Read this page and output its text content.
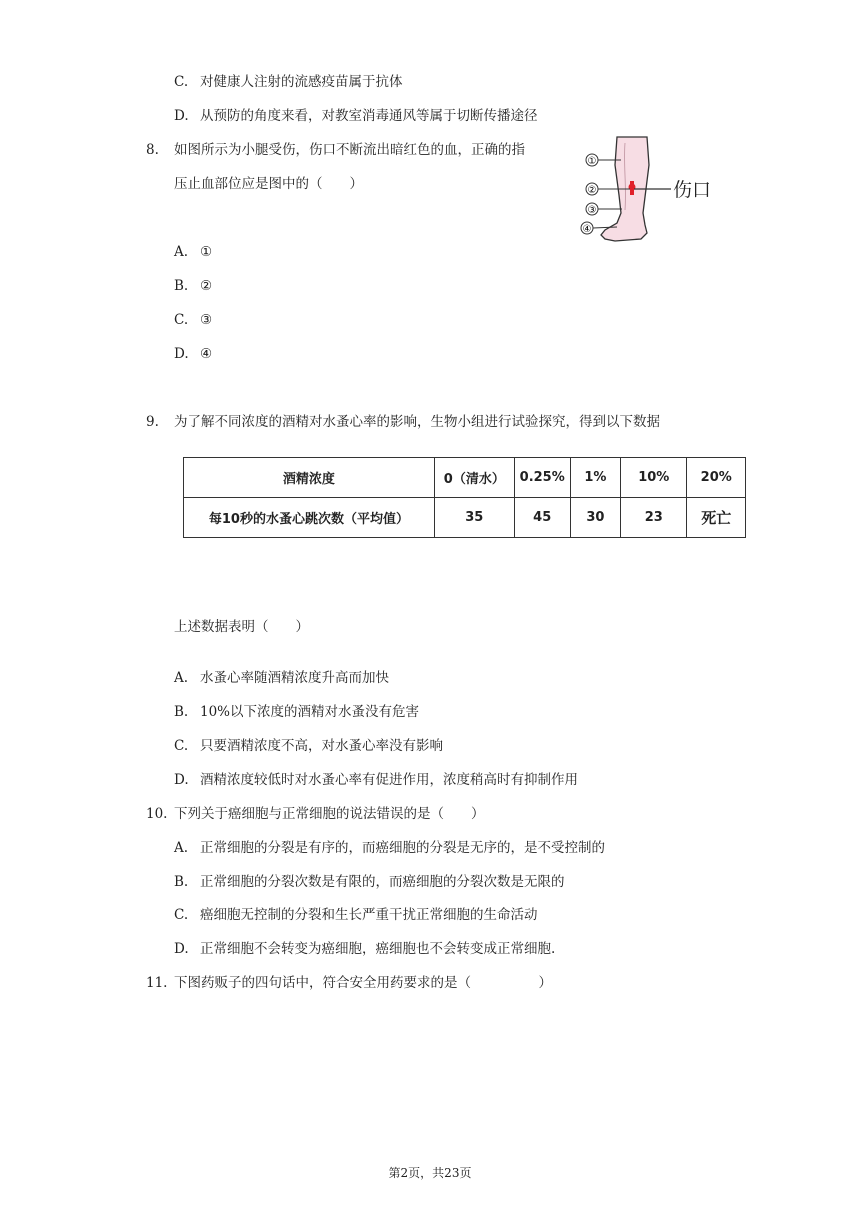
C. 对健康人注射的流感疫苗属于抗体
D. 从预防的角度来看，对教室消毒通风等属于切断传播途径
8. 如图所示为小腿受伤，伤口不断流出暗红色的血，正确的指
压止血部位应是图中的（　　）
①
②
③
④
伤口
A. ①
B. ②
C. ③
D. ④
9. 为了解不同浓度的酒精对水蚤心率的影响，生物小组进行试验探究，得到以下数据
酒精浓度	0（清水）	0.25%	1%	10%	20%
每10秒的水蚤心跳次数（平均值）	35	45	30	23	死亡
上述数据表明（　　）
A. 水蚤心率随酒精浓度升高而加快
B. 10%以下浓度的酒精对水蚤没有危害
C. 只要酒精浓度不高，对水蚤心率没有影响
D. 酒精浓度较低时对水蚤心率有促进作用，浓度稍高时有抑制作用
10. 下列关于癌细胞与正常细胞的说法错误的是（　　）
A. 正常细胞的分裂是有序的，而癌细胞的分裂是无序的，是不受控制的
B. 正常细胞的分裂次数是有限的，而癌细胞的分裂次数是无限的
C. 癌细胞无控制的分裂和生长严重干扰正常细胞的生命活动
D. 正常细胞不会转变为癌细胞，癌细胞也不会转变成正常细胞.
11. 下图药贩子的四句话中，符合安全用药要求的是（　　　　　）
第2页，共23页
